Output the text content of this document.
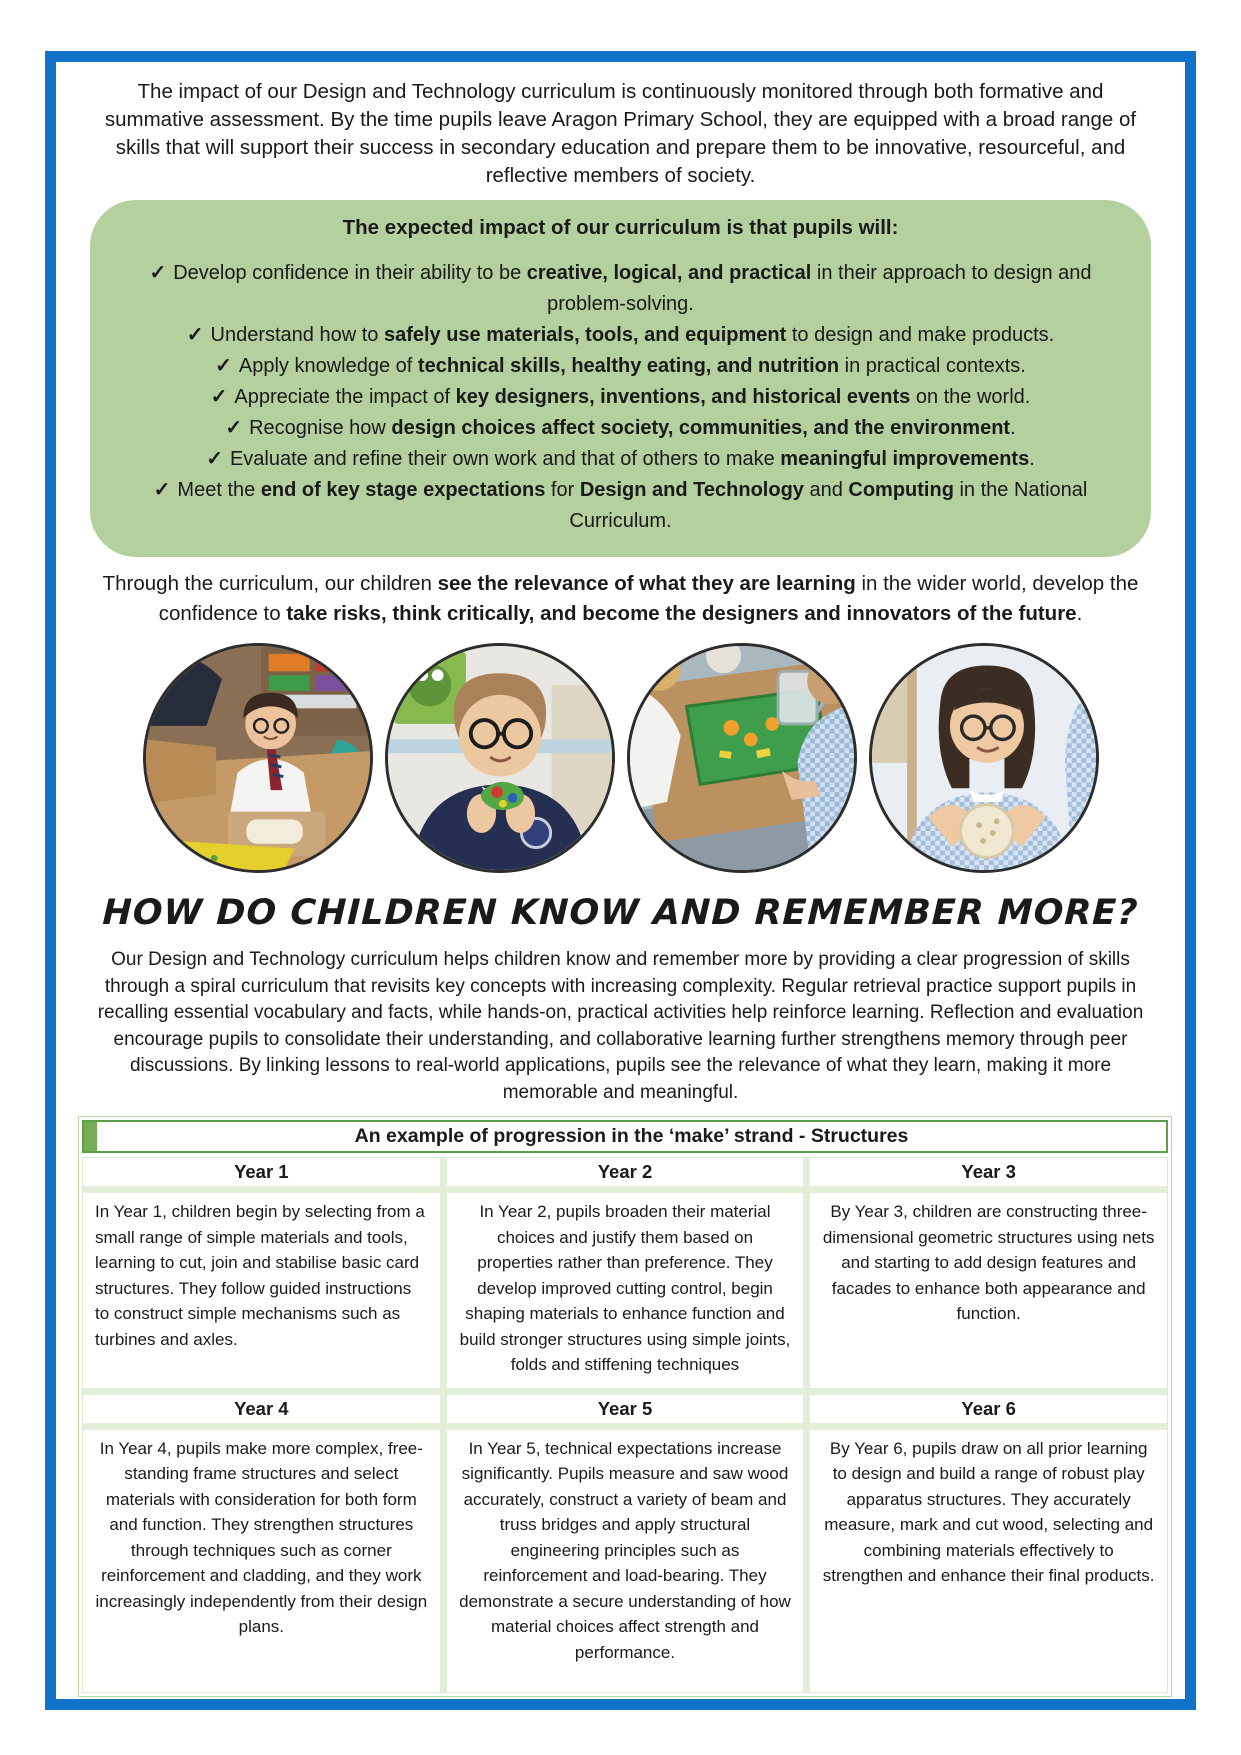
The impact of our Design and Technology curriculum is continuously monitored through both formative and summative assessment. By the time pupils leave Aragon Primary School, they are equipped with a broad range of skills that will support their success in secondary education and prepare them to be innovative, resourceful, and reflective members of society.

The expected impact of our curriculum is that pupils will:
✓ Develop confidence in their ability to be creative, logical, and practical in their approach to design and problem-solving.
✓ Understand how to safely use materials, tools, and equipment to design and make products.
✓ Apply knowledge of technical skills, healthy eating, and nutrition in practical contexts.
✓ Appreciate the impact of key designers, inventions, and historical events on the world.
✓ Recognise how design choices affect society, communities, and the environment.
✓ Evaluate and refine their own work and that of others to make meaningful improvements.
✓ Meet the end of key stage expectations for Design and Technology and Computing in the National Curriculum.

Through the curriculum, our children see the relevance of what they are learning in the wider world, develop the confidence to take risks, think critically, and become the designers and innovators of the future.

HOW DO CHILDREN KNOW AND REMEMBER MORE?

Our Design and Technology curriculum helps children know and remember more by providing a clear progression of skills through a spiral curriculum that revisits key concepts with increasing complexity. Regular retrieval practice support pupils in recalling essential vocabulary and facts, while hands-on, practical activities help reinforce learning. Reflection and evaluation encourage pupils to consolidate their understanding, and collaborative learning further strengthens memory through peer discussions. By linking lessons to real-world applications, pupils see the relevance of what they learn, making it more memorable and meaningful.

An example of progression in the ‘make’ strand - Structures
Year 1	Year 2	Year 3
In Year 1, children begin by selecting from a small range of simple materials and tools, learning to cut, join and stabilise basic card structures. They follow guided instructions to construct simple mechanisms such as turbines and axles.
In Year 2, pupils broaden their material choices and justify them based on properties rather than preference. They develop improved cutting control, begin shaping materials to enhance function and build stronger structures using simple joints, folds and stiffening techniques
By Year 3, children are constructing three-dimensional geometric structures using nets and starting to add design features and facades to enhance both appearance and function.
Year 4	Year 5	Year 6
In Year 4, pupils make more complex, free-standing frame structures and select materials with consideration for both form and function. They strengthen structures through techniques such as corner reinforcement and cladding, and they work increasingly independently from their design plans.
In Year 5, technical expectations increase significantly. Pupils measure and saw wood accurately, construct a variety of beam and truss bridges and apply structural engineering principles such as reinforcement and load-bearing. They demonstrate a secure understanding of how material choices affect strength and performance.
By Year 6, pupils draw on all prior learning to design and build a range of robust play apparatus structures. They accurately measure, mark and cut wood, selecting and combining materials effectively to strengthen and enhance their final products.
